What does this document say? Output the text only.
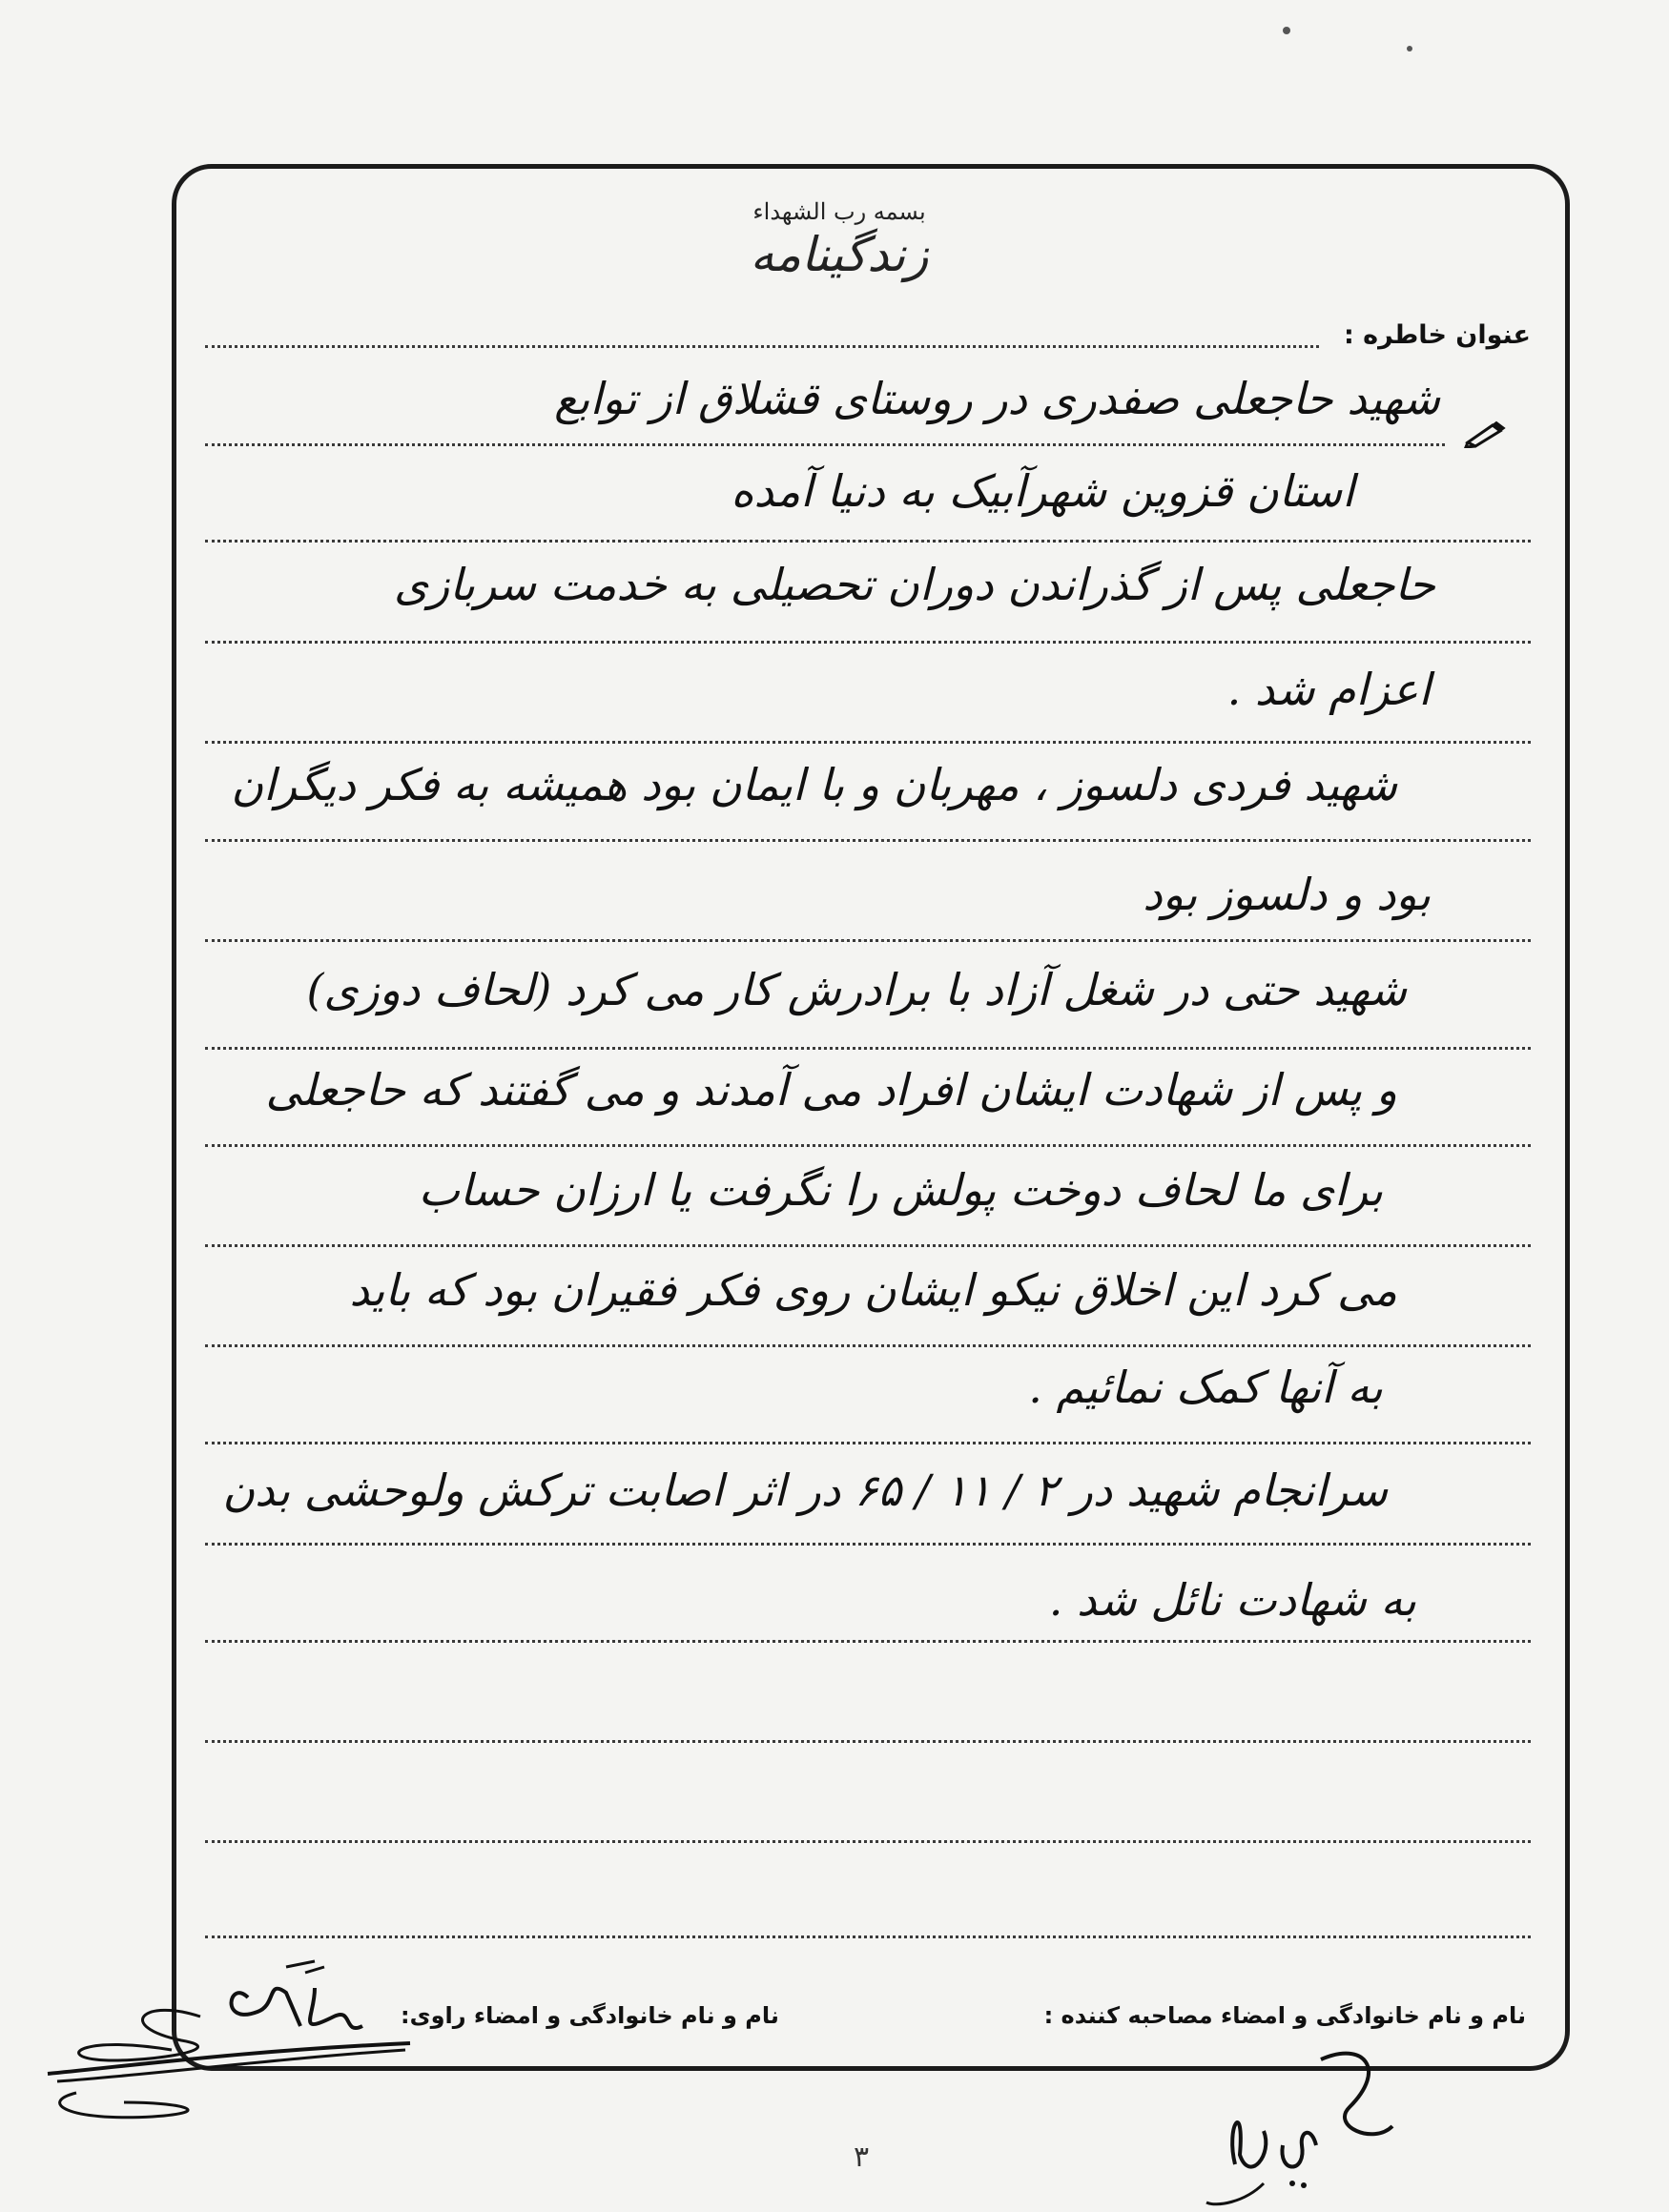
بسمه رب الشهداء
زندگینامه
عنوان خاطره :
شهید حاجعلی صفدری در روستای قشلاق از توابع
استان قزوین شهرآبیک به دنیا آمده
حاجعلی پس از گذراندن دوران تحصیلی به خدمت سربازی
اعزام شد .
شهید فردی دلسوز ، مهربان و با ایمان بود همیشه به فکر دیگران
بود و دلسوز بود
شهید حتی در شغل آزاد با برادرش کار می کرد (لحاف دوزی)
و پس از شهادت ایشان افراد می آمدند و می گفتند که حاجعلی
برای ما لحاف دوخت پولش را نگرفت یا ارزان حساب
می کرد این اخلاق نیکو ایشان روی فکر فقیران بود که باید
به آنها کمک نمائیم .
سرانجام شهید در ۲ / ۱۱ / ۶۵ در اثر اصابت ترکش ولوحشی بدن
به شهادت نائل شد .
نام و نام خانوادگی و امضاء مصاحبه کننده :
نام و نام خانوادگی و امضاء راوی:
۳
